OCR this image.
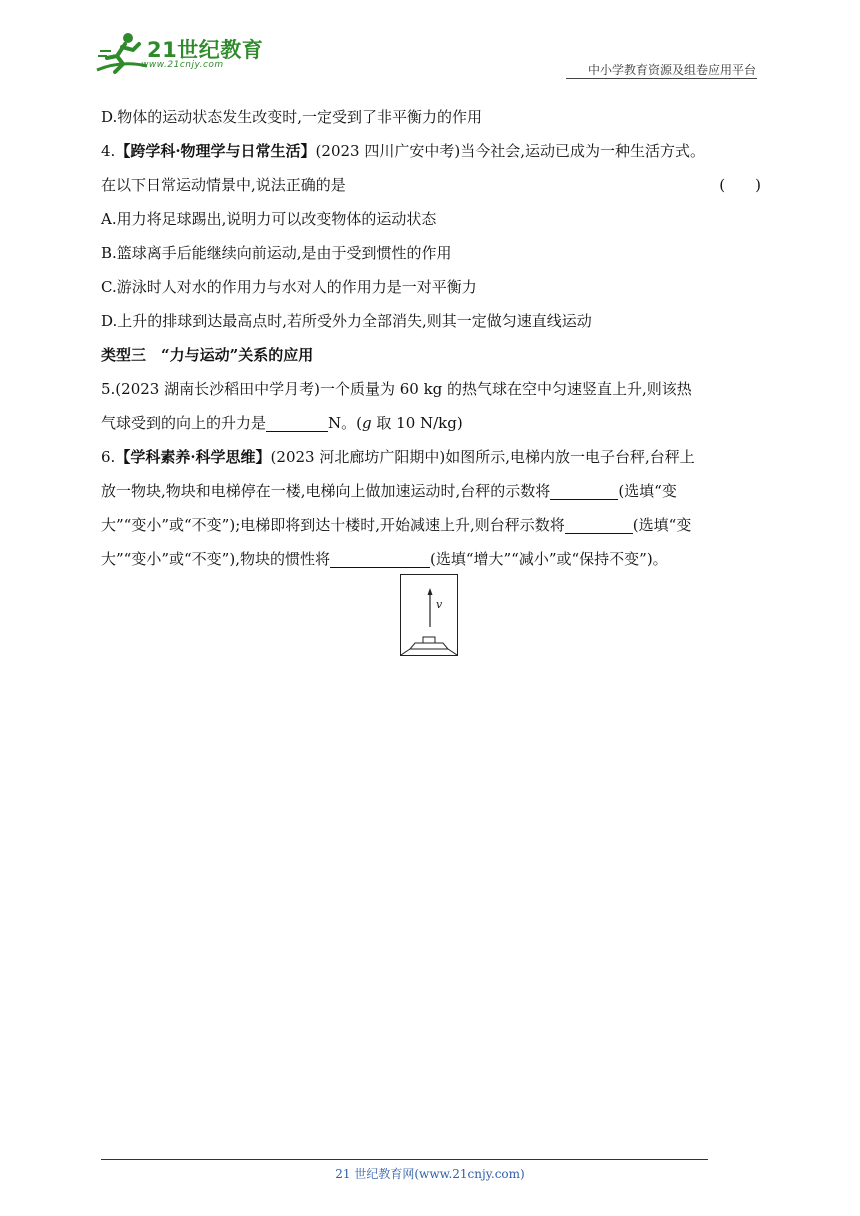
21世纪教育
www.21cnjy.com	中小学教育资源及组卷应用平台
D.物体的运动状态发生改变时,一定受到了非平衡力的作用
4.【跨学科·物理学与日常生活】(2023 四川广安中考)当今社会,运动已成为一种生活方式。
在以下日常运动情景中,说法正确的是	(　　)
A.用力将足球踢出,说明力可以改变物体的运动状态
B.篮球离手后能继续向前运动,是由于受到惯性的作用
C.游泳时人对水的作用力与水对人的作用力是一对平衡力
D.上升的排球到达最高点时,若所受外力全部消失,则其一定做匀速直线运动
类型三　“力与运动”关系的应用
5.(2023 湖南长沙稻田中学月考)一个质量为 60 kg 的热气球在空中匀速竖直上升,则该热
气球受到的向上的升力是	N。(g 取 10 N/kg)
6.【学科素养·科学思维】(2023 河北廊坊广阳期中)如图所示,电梯内放一电子台秤,台秤上
放一物块,物块和电梯停在一楼,电梯向上做加速运动时,台秤的示数将	(选填“变
大”“变小”或“不变”);电梯即将到达十楼时,开始减速上升,则台秤示数将	(选填“变
大”“变小”或“不变”),物块的惯性将	(选填“增大”“减小”或“保持不变”)。
v
21 世纪教育网(www.21cnjy.com)
